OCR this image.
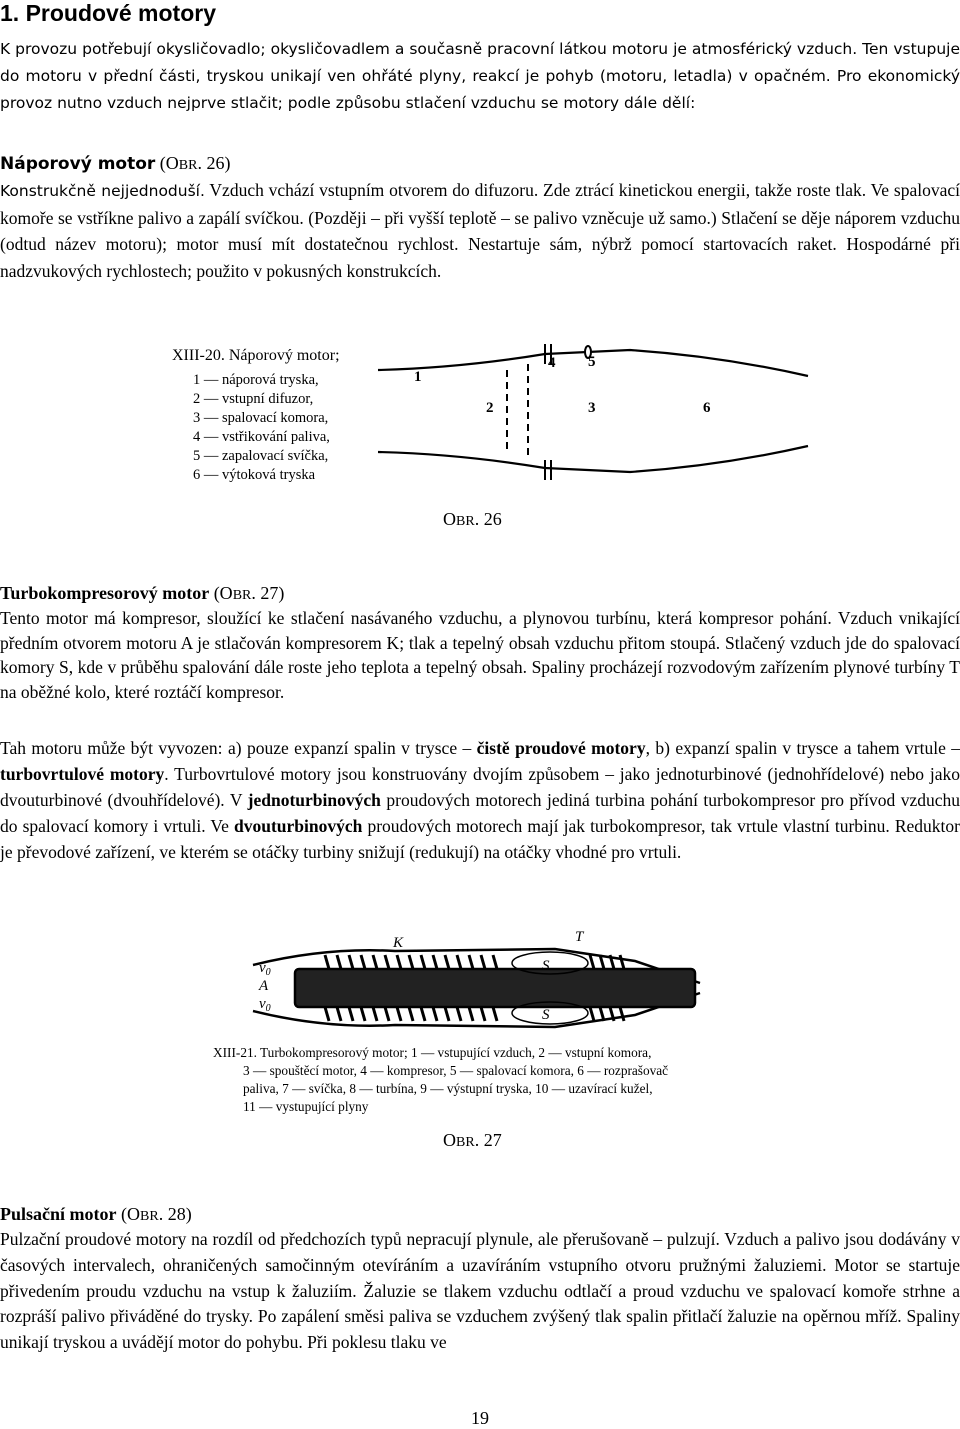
1. Proudové motory
K provozu potřebují okysličovadlo; okysličovadlem a současně pracovní látkou motoru je atmosférický vzduch. Ten vstupuje do motoru v přední části, tryskou unikají ven ohřáté plyny, reakcí je pohyb (motoru, letadla) v opačném. Pro ekonomický provoz nutno vzduch nejprve stlačit; podle způsobu stlačení vzduchu se motory dále dělí:
Náporový motor (OBR. 26)
Konstrukčně nejjednoduší. Vzduch vchází vstupním otvorem do difuzoru. Zde ztrácí kinetickou energii, takže roste tlak. Ve spalovací komoře se vstříkne palivo a zapálí svíčkou. (Později – při vyšší teplotě – se palivo vzněcuje už samo.) Stlačení se děje náporem vzduchu (odtud název motoru); motor musí mít dostatečnou rychlost. Nestartuje sám, nýbrž pomocí startovacích raket. Hospodárné při nadzvukových rychlostech; použito v pokusných konstrukcích.
XIII-20. Náporový motor;
1 — náporová tryska,
2 — vstupní difuzor,
3 — spalovací komora,
4 — vstřikování paliva,
5 — zapalovací svíčka,
6 — výtoková tryska
1
2	3
4 5
6
OBR. 26
Turbokompresorový motor (OBR. 27)
Tento motor má kompresor, sloužící ke stlačení nasávaného vzduchu, a plynovou turbínu, která kompresor pohání. Vzduch vnikající předním otvorem motoru A je stlačován kompresorem K; tlak a tepelný obsah vzduchu přitom stoupá. Stlačený vzduch jde do spalovací komory S, kde v průběhu spalování dále roste jeho teplota a tepelný obsah. Spaliny procházejí rozvodovým zařízením plynové turbíny T na oběžné kolo, které roztáčí kompresor.
Tah motoru může být vyvozen: a) pouze expanzí spalin v trysce – čistě proudové motory, b) expanzí spalin v trysce a tahem vrtule – turbovrtulové motory. Turbovrtulové motory jsou konstruovány dvojím způsobem – jako jednoturbinové (jednohřídelové) nebo jako dvouturbinové (dvouhřídelové). V jednoturbinových proudových motorech jediná turbina pohání turbokompresor pro přívod vzduchu do spalovací komory i vrtuli. Ve dvouturbinových proudových motorech mají jak turbokompresor, tak vrtule vlastní turbinu. Reduktor je převodové zařízení, ve kterém se otáčky turbiny snižují (redukují) na otáčky vhodné pro vrtuli.
K	T
S
S
A
$v_0$
$v_0$
XIII-21. Turbokompresorový motor; 1 — vstupující vzduch, 2 — vstupní komora,
3 — spouštěcí motor, 4 — kompresor, 5 — spalovací komora, 6 — rozprašovač
paliva, 7 — svíčka, 8 — turbína, 9 — výstupní tryska, 10 — uzavírací kužel,
11 — vystupující plyny
OBR. 27
Pulsační motor (OBR. 28)
Pulzační proudové motory na rozdíl od předchozích typů nepracují plynule, ale přerušovaně – pulzují. Vzduch a palivo jsou dodávány v časových intervalech, ohraničených samočinným otevíráním a uzavíráním vstupního otvoru pružnými žaluziemi. Motor se startuje přivedením proudu vzduchu na vstup k žaluziím. Žaluzie se tlakem vzduchu odtlačí a proud vzduchu ve spalovací komoře strhne a rozpráší palivo přiváděné do trysky. Po zapálení směsi paliva se vzduchem zvýšený tlak spalin přitlačí žaluzie na opěrnou mříž. Spaliny unikají tryskou a uvádějí motor do pohybu. Při poklesu tlaku ve
19
